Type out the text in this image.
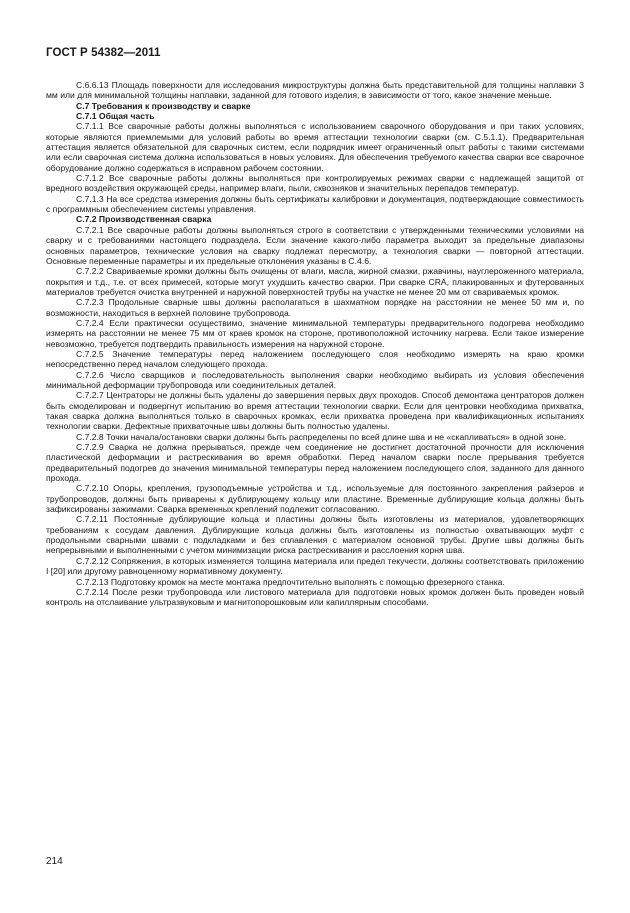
ГОСТ Р 54382—2011

C.6.6.13 Площадь поверхности для исследования микроструктуры должна быть представительной для толщины наплавки 3 мм или для минимальной толщины наплавки, заданной для готового изделия, в зависимости от того, какое значение меньше.

C.7 Требования к производству и сварке

C.7.1 Общая часть

C.7.1.1 Все сварочные работы должны выполняться с использованием сварочного оборудования и при таких условиях, которые являются приемлемыми для условий работы во время аттестации технологии сварки (см. C.5.1.1). Предварительная аттестация является обязательной для сварочных систем, если подрядчик имеет ограниченный опыт работы с такими системами или если сварочная система должна использоваться в новых условиях. Для обеспечения требуемого качества сварки все сварочное оборудование должно содержаться в исправном рабочем состоянии.

C.7.1.2 Все сварочные работы должны выполняться при контролируемых режимах сварки с надлежащей защитой от вредного воздействия окружающей среды, например влаги, пыли, сквозняков и значительных перепадов температур.

C.7.1.3 На все средства измерения должны быть сертификаты калибровки и документация, подтверждающие совместимость с программным обеспечением системы управления.

C.7.2 Производственная сварка

C.7.2.1 Все сварочные работы должны выполняться строго в соответствии с утвержденными техническими условиями на сварку и с требованиями настоящего подраздела. Если значение какого-либо параметра выходит за предельные диапазоны основных параметров, технические условия на сварку подлежат пересмотру, а технология сварки — повторной аттестации. Основные переменные параметры и их предельные отклонения указаны в C.4.6.

C.7.2.2 Свариваемые кромки должны быть очищены от влаги, масла, жирной смазки, ржавчины, науглероженного материала, покрытия и т.д., т.е. от всех примесей, которые могут ухудшить качество сварки. При сварке CRA, плакированных и футерованных материалов требуется очистка внутренней и наружной поверхностей трубы на участке не менее 20 мм от свариваемых кромок.

C.7.2.3 Продольные сварные швы должны располагаться в шахматном порядке на расстоянии не менее 50 мм и, по возможности, находиться в верхней половине трубопровода.

C.7.2.4 Если практически осуществимо, значение минимальной температуры предварительного подогрева необходимо измерять на расстоянии не менее 75 мм от краев кромок на стороне, противоположной источнику нагрева. Если такое измерение невозможно, требуется подтвердить правильность измерения на наружной стороне.

C.7.2.5 Значение температуры перед наложением последующего слоя необходимо измерять на краю кромки непосредственно перед началом следующего прохода.

C.7.2.6 Число сварщиков и последовательность выполнения сварки необходимо выбирать из условия обеспечения минимальной деформации трубопровода или соединительных деталей.

C.7.2.7 Центраторы не должны быть удалены до завершения первых двух проходов. Способ демонтажа центраторов должен быть смоделирован и подвергнут испытанию во время аттестации технологии сварки. Если для центровки необходима прихватка, такая сварка должна выполняться только в сварочных кромках, если прихватка проведена при квалификационных испытаниях технологии сварки. Дефектные прихваточные швы должны быть полностью удалены.

C.7.2.8 Точки начала/остановки сварки должны быть распределены по всей длине шва и не «скапливаться» в одной зоне.

C.7.2.9 Сварка не должна прерываться, прежде чем соединение не достигнет достаточной прочности для исключения пластической деформации и растрескивания во время обработки. Перед началом сварки после прерывания требуется предварительный подогрев до значения минимальной температуры перед наложением последующего слоя, заданного для данного прохода.

C.7.2.10 Опоры, крепления, грузоподъемные устройства и т.д., используемые для постоянного закрепления райзеров и трубопроводов, должны быть приварены к дублирующему кольцу или пластине. Временные дублирующие кольца должны быть зафиксированы зажимами. Сварка временных креплений подлежит согласованию.

C.7.2.11 Постоянные дублирующие кольца и пластины должны быть изготовлены из материалов, удовлетворяющих требованиям к сосудам давления. Дублирующие кольца должны быть изготовлены из полностью охватывающих муфт с продольными сварными швами с подкладками и без сплавления с материалом основной трубы. Другие швы должны быть непрерывными и выполненными с учетом минимизации риска растрескивания и расслоения корня шва.

C.7.2.12 Сопряжения, в которых изменяется толщина материала или предел текучести, должны соответствовать приложению I [20] или другому равноценному нормативному документу.

C.7.2.13 Подготовку кромок на месте монтажа предпочтительно выполнять с помощью фрезерного станка.

C.7.2.14 После резки трубопровода или листового материала для подготовки новых кромок должен быть проведен новый контроль на отслаивание ультразвуковым и магнитопорошковым или капиллярным способами.

214
